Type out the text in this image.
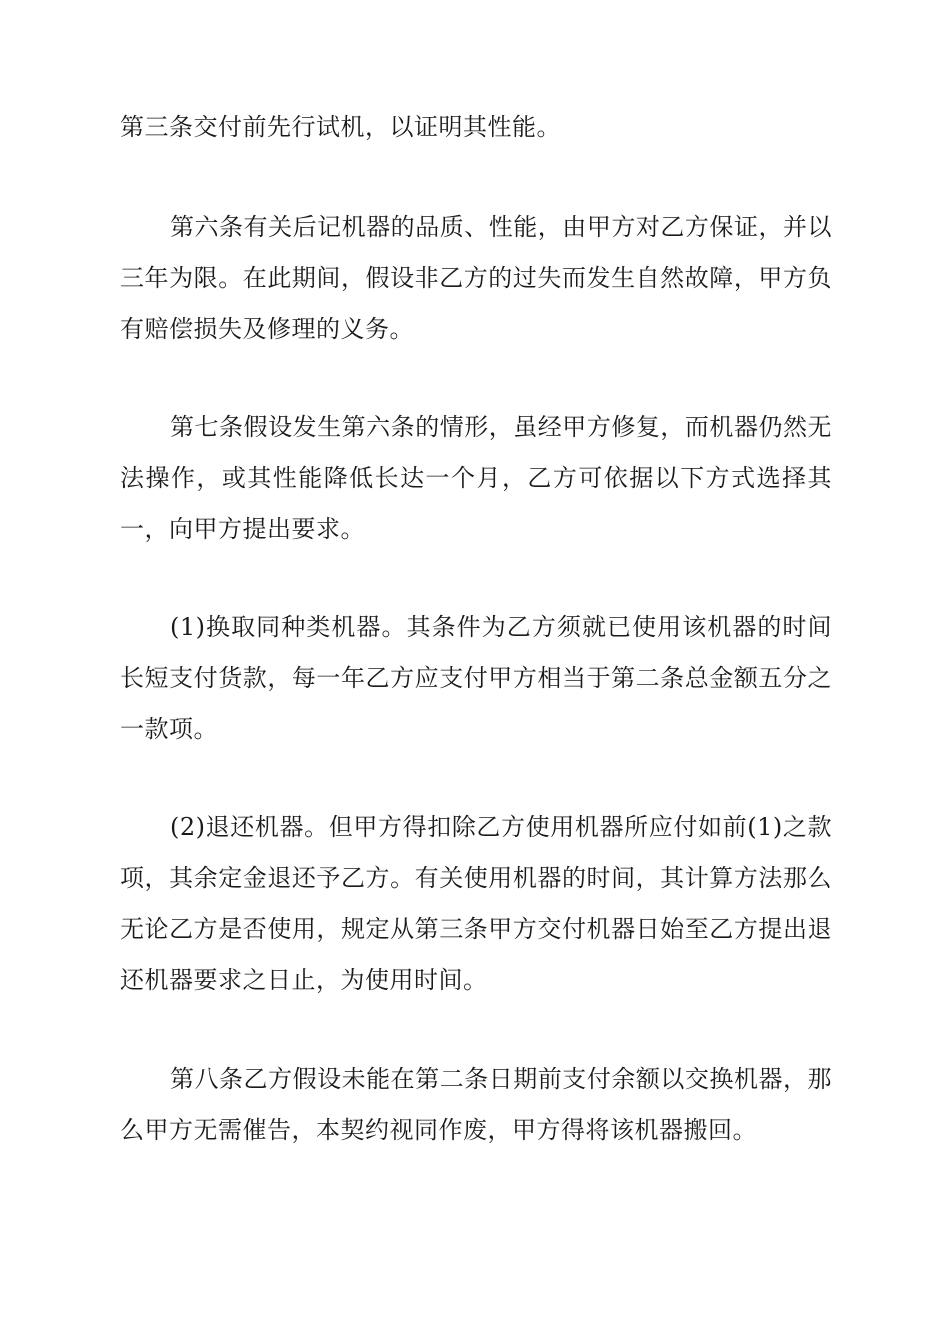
第三条交付前先行试机，以证明其性能。

第六条有关后记机器的品质、性能，由甲方对乙方保证，并以三年为限。在此期间，假设非乙方的过失而发生自然故障，甲方负有赔偿损失及修理的义务。

第七条假设发生第六条的情形，虽经甲方修复，而机器仍然无法操作，或其性能降低长达一个月，乙方可依据以下方式选择其一，向甲方提出要求。

(1)换取同种类机器。其条件为乙方须就已使用该机器的时间长短支付货款，每一年乙方应支付甲方相当于第二条总金额五分之一款项。

(2)退还机器。但甲方得扣除乙方使用机器所应付如前(1)之款项，其余定金退还予乙方。有关使用机器的时间，其计算方法那么无论乙方是否使用，规定从第三条甲方交付机器日始至乙方提出退还机器要求之日止，为使用时间。

第八条乙方假设未能在第二条日期前支付余额以交换机器，那么甲方无需催告，本契约视同作废，甲方得将该机器搬回。
